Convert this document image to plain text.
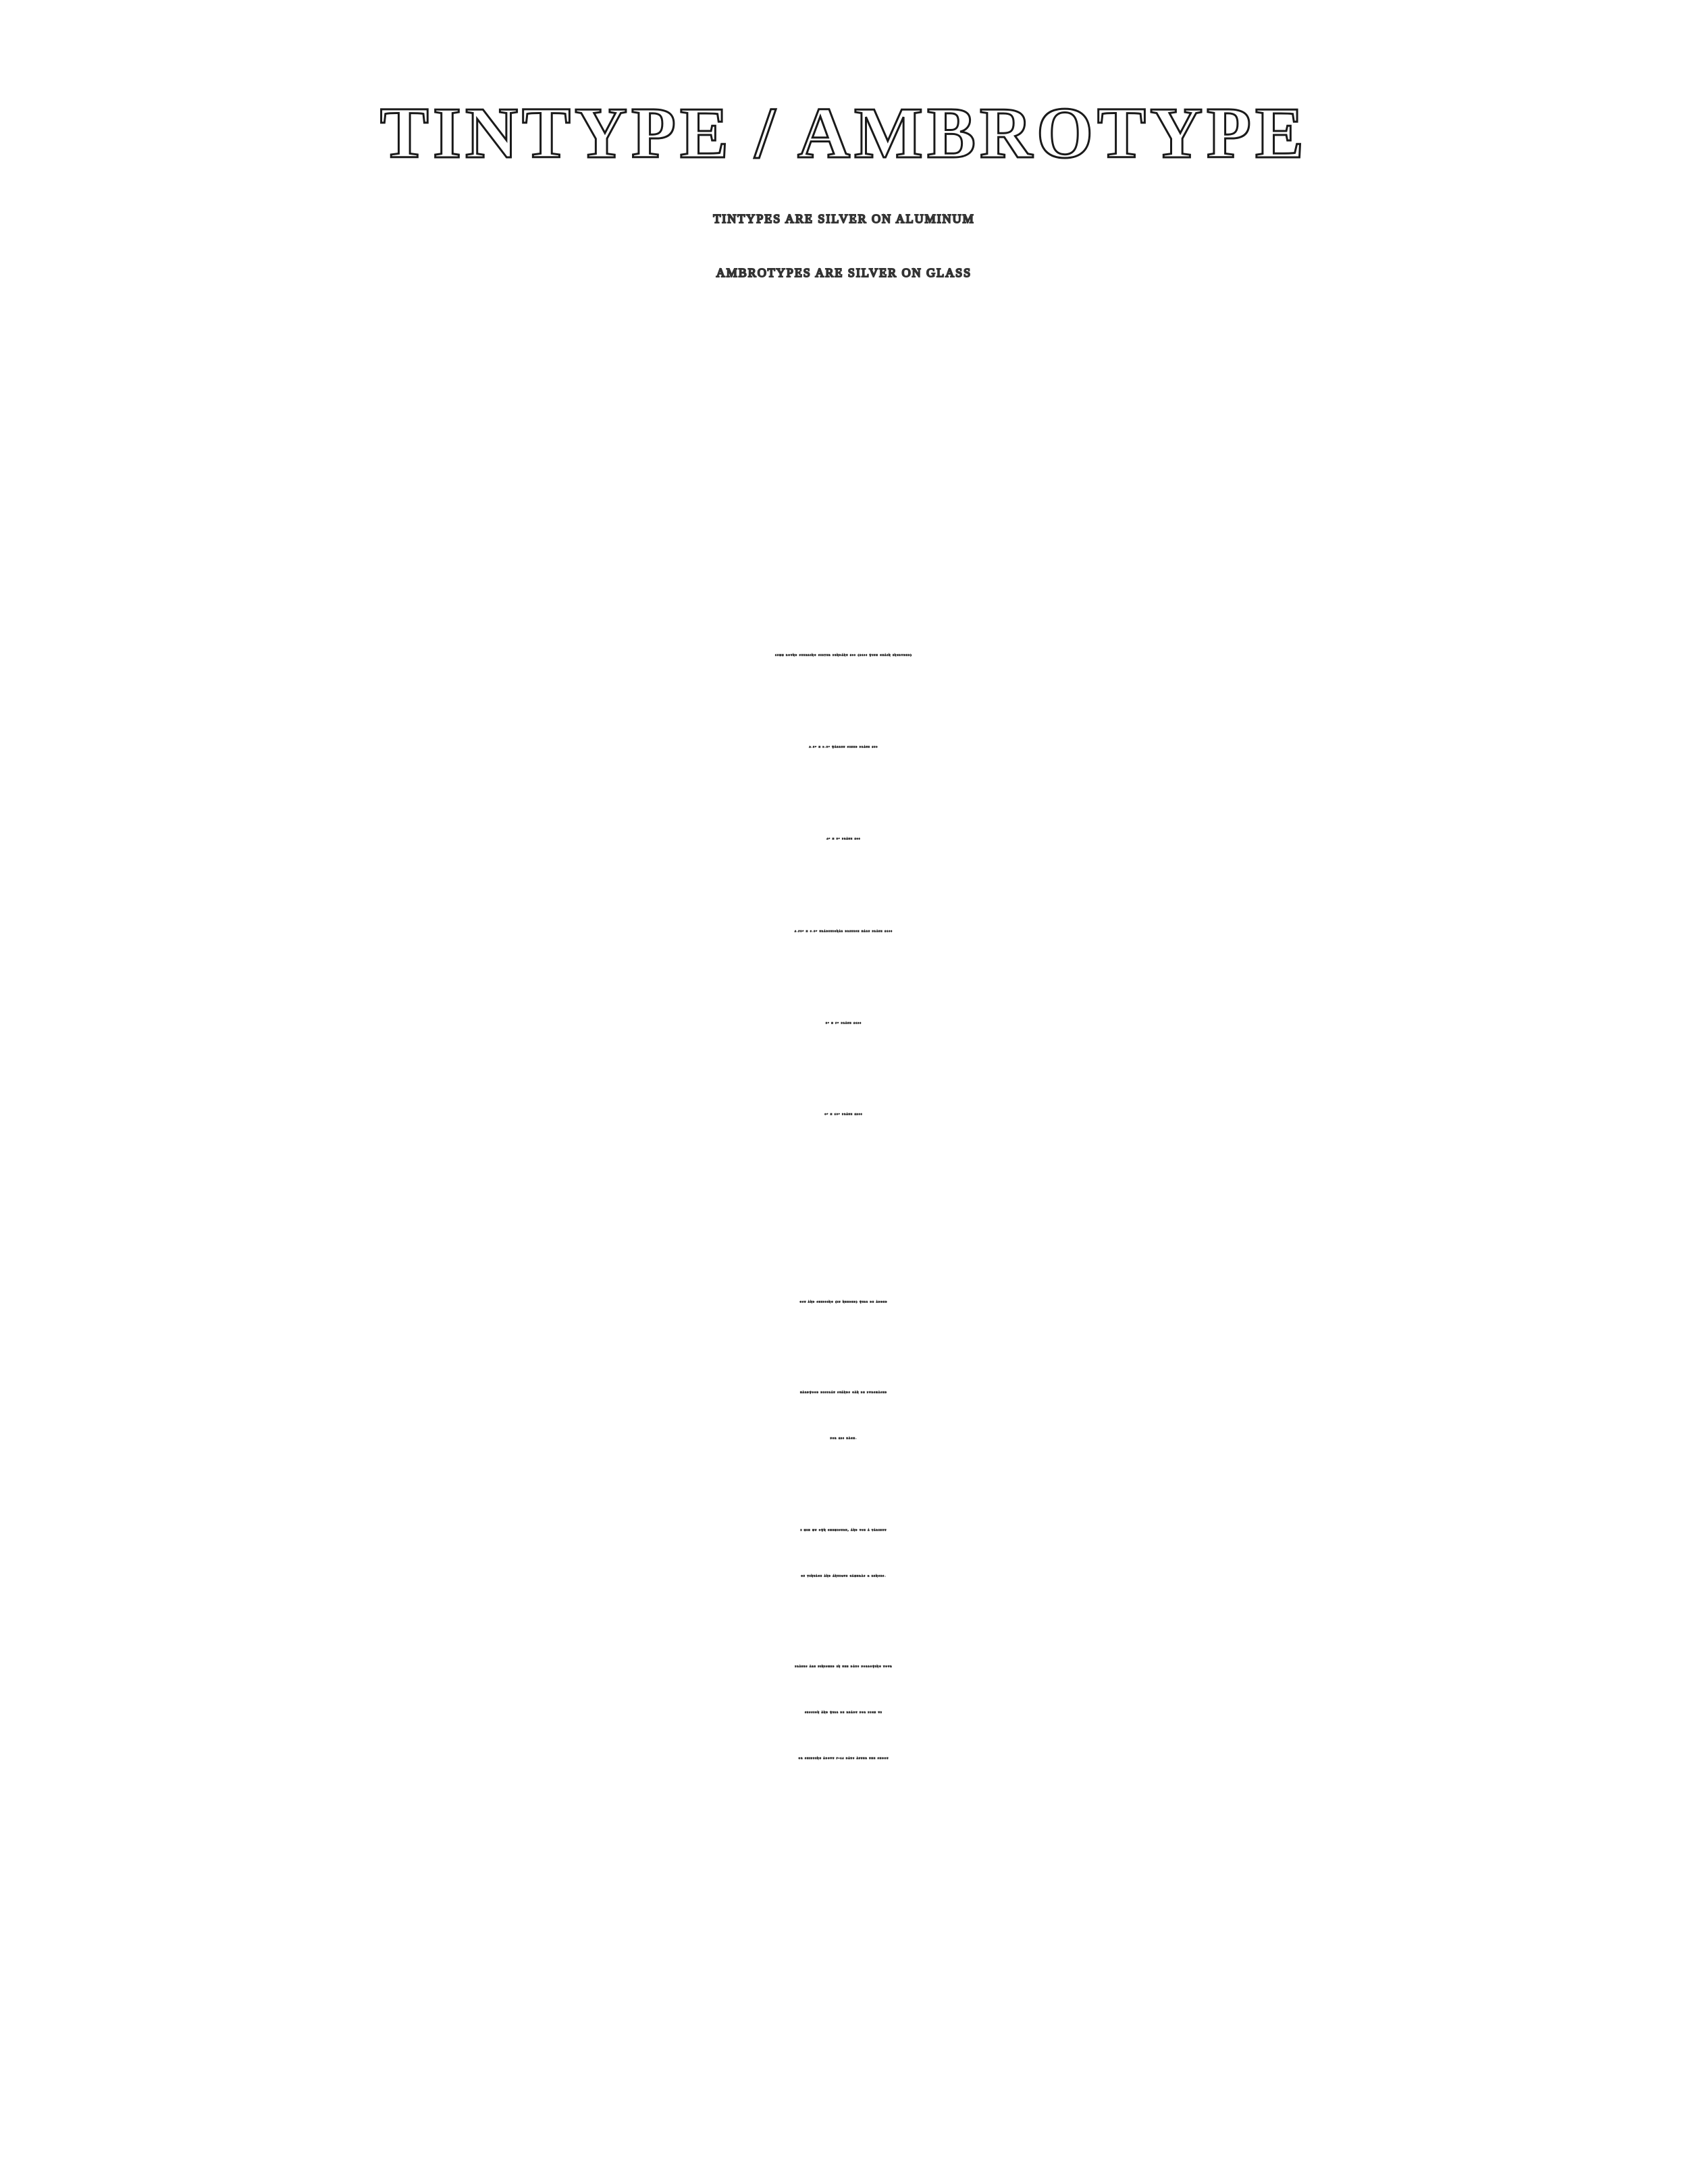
TINTYPE / AMBROTYPE

TINTYPES ARE SILVER ON ALUMINUM

AMBROTYPES ARE SILVER ON GLASS

15MM ROUND STERLING SILVER PENDANT $80 ($130 WITH CHAIN INCLUDED)

2.5” X 3.5” WALLET SIZED PLATE $50

4” X 5” PLATE $80

4.75” X 6.5” TRADITIONAL BRITISH HALF PLATE $100

5” X 7” PLATE $130

8” X 10” PLATE $200

GST AND SHIPPING (IF NEEDED) WILL BE ADDED

HARDWOOD DISPLAY STANDS CAN BE PURCHASED

FOR $20 EACH.

I MIX MY OWN CHEMISTRY, AND USE A VARIETY

OF VINTAGE AND ANTIQUE CAMERAS & LENSES.

PLATES ARE FINISHED IN THE DAYS FOLLOWING YOUR

SESSION AND WILL BE READY FOR PICK UP

OR SHIPPING ABOUT 7-14 DAYS AFTER THE SHOOT
